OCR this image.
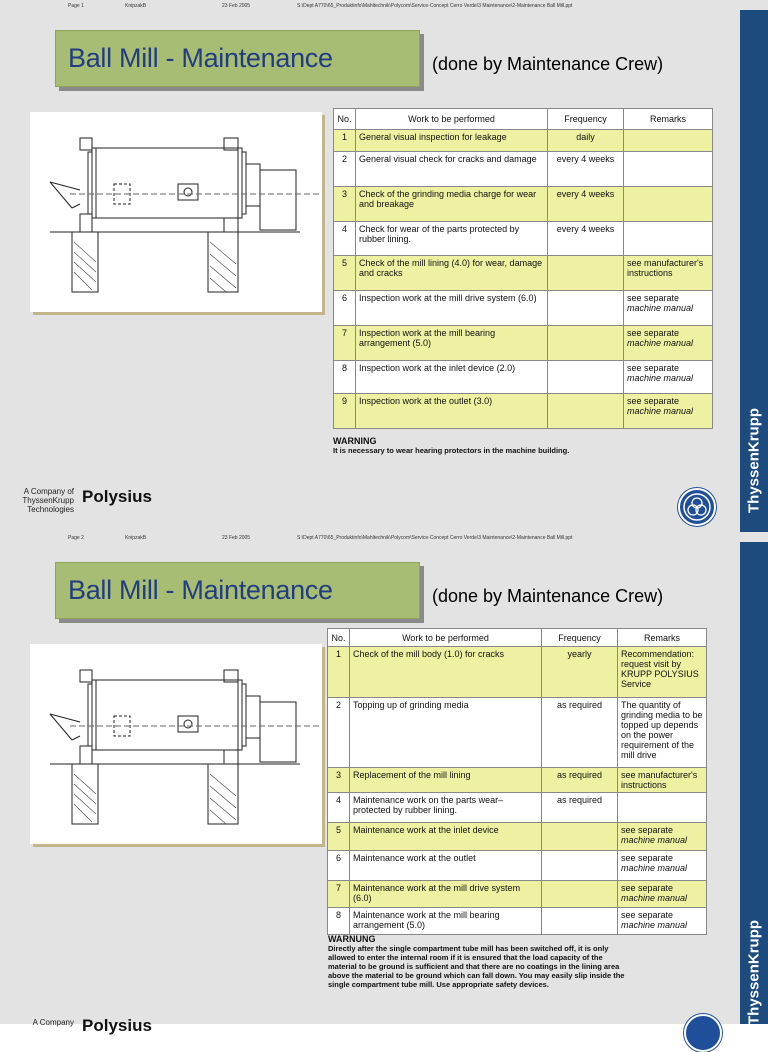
Page 1	KnipzakB	23 Feb 2005	S:\Dept A770\65_Produktinfo\Mahltechnik\Polycom\Service-Concept Cerro Verde\3 Maintenance\2-Maintenance Ball Mill.ppt
Ball Mill - Maintenance	(done by Maintenance Crew)
No.	Work to be performed	Frequency	Remarks
1	General visual inspection for leakage	daily	
2	General visual check for cracks and damage	every 4 weeks	
3	Check of the grinding media charge for wear and breakage	every 4 weeks	
4	Check for wear of the parts protected by rubber lining.	every 4 weeks	
5	Check of the mill lining (4.0) for wear, damage and cracks		see manufacturer's instructions
6	Inspection work at the mill drive system (6.0)		see separate
machine manual
7	Inspection work at the mill bearing arrangement (5.0)		see separate
machine manual
8	Inspection work at the inlet device (2.0)		see separate
machine manual
9	Inspection work at the outlet (3.0)		see separate
machine manual
WARNING
It is necessary to wear hearing protectors in the machine building.
A Company of ThyssenKrupp Technologies
Polysius	ThyssenKrupp
Page 2	KnipzakB	23 Feb 2005	S:\Dept A770\65_Produktinfo\Mahltechnik\Polycom\Service-Concept Cerro Verde\3 Maintenance\2-Maintenance Ball Mill.ppt
Ball Mill - Maintenance	(done by Maintenance Crew)
No.	Work to be performed	Frequency	Remarks
1	Check of the mill body (1.0) for cracks	yearly	Recommendation: request visit by KRUPP POLYSIUS Service
2	Topping up of grinding media	as required	The quantity of grinding media to be topped up depends on the power requirement of the mill drive
3	Replacement of the mill lining	as required	see manufacturer's instructions
4	Maintenance work on the parts wear–protected by rubber lining.	as required	
5	Maintenance work at the inlet device		see separate
machine manual
6	Maintenance work at the outlet		see separate
machine manual
7	Maintenance work at the mill drive system (6.0)		see separate
machine manual
8	Maintenance work at the mill bearing arrangement (5.0)		see separate
machine manual
WARNUNG
Directly after the single compartment tube mill has been switched off, it is only allowed to enter the internal room if it is ensured that the load capacity of the material to be ground is sufficient and that there are no coatings in the lining area above the material to be ground which can fall down. You may easily slip inside the single compartment tube mill. Use appropriate safety devices.
A Company Polysius
ThyssenKrupp
